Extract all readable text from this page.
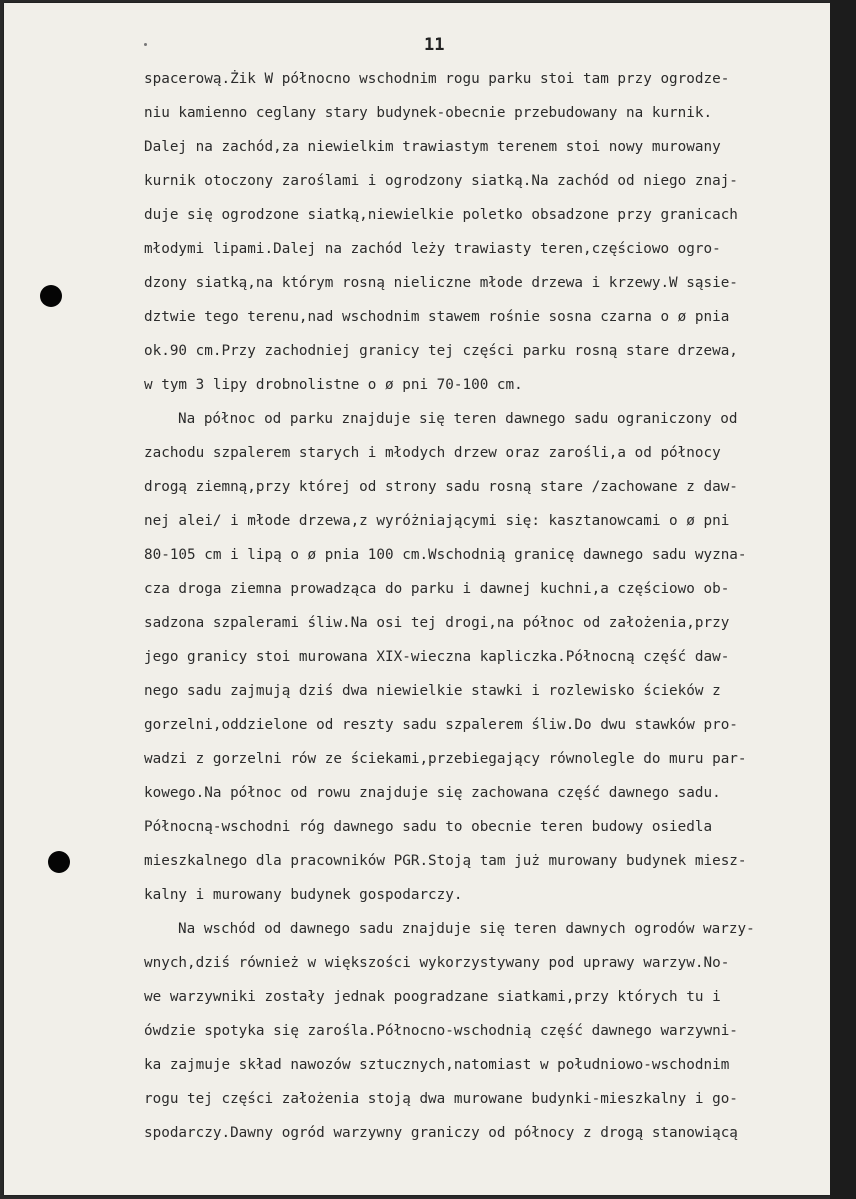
11
spacerową.Żik W północno wschodnim rogu parku stoi tam przy ogrodze-
niu kamienno ceglany stary budynek-obecnie przebudowany na kurnik.
Dalej na zachód,za niewielkim trawiastym terenem stoi nowy murowany
kurnik otoczony zaroślami i ogrodzony siatką.Na zachód od niego znaj-
duje się ogrodzone siatką,niewielkie poletko obsadzone przy granicach
młodymi lipami.Dalej na zachód leży trawiasty teren,częściowo ogro-
dzony siatką,na którym rosną nieliczne młode drzewa i krzewy.W sąsie-
dztwie tego terenu,nad wschodnim stawem rośnie sosna czarna o ø pnia
ok.90 cm.Przy zachodniej granicy tej części parku rosną stare drzewa,
w tym 3 lipy drobnolistne o ø pni 70-100 cm.
Na północ od parku znajduje się teren dawnego sadu ograniczony od
zachodu szpalerem starych i młodych drzew oraz zarośli,a od północy
drogą ziemną,przy której od strony sadu rosną stare /zachowane z daw-
nej alei/ i młode drzewa,z wyróżniającymi się: kasztanowcami o ø pni
80-105 cm i lipą o ø pnia 100 cm.Wschodnią granicę dawnego sadu wyzna-
cza droga ziemna prowadząca do parku i dawnej kuchni,a częściowo ob-
sadzona szpalerami śliw.Na osi tej drogi,na północ od założenia,przy
jego granicy stoi murowana XIX-wieczna kapliczka.Północną część daw-
nego sadu zajmują dziś dwa niewielkie stawki i rozlewisko ścieków z
gorzelni,oddzielone od reszty sadu szpalerem śliw.Do dwu stawków pro-
wadzi z gorzelni rów ze ściekami,przebiegający równolegle do muru par-
kowego.Na północ od rowu znajduje się zachowana część dawnego sadu.
Północną-wschodni róg dawnego sadu to obecnie teren budowy osiedla
mieszkalnego dla pracowników PGR.Stoją tam już murowany budynek miesz-
kalny i murowany budynek gospodarczy.
Na wschód od dawnego sadu znajduje się teren dawnych ogrodów warzy-
wnych,dziś również w większości wykorzystywany pod uprawy warzyw.No-
we warzywniki zostały jednak poogradzane siatkami,przy których tu i
ówdzie spotyka się zarośla.Północno-wschodnią część dawnego warzywni-
ka zajmuje skład nawozów sztucznych,natomiast w południowo-wschodnim
rogu tej części założenia stoją dwa murowane budynki-mieszkalny i go-
spodarczy.Dawny ogród warzywny graniczy od północy z drogą stanowiącą
